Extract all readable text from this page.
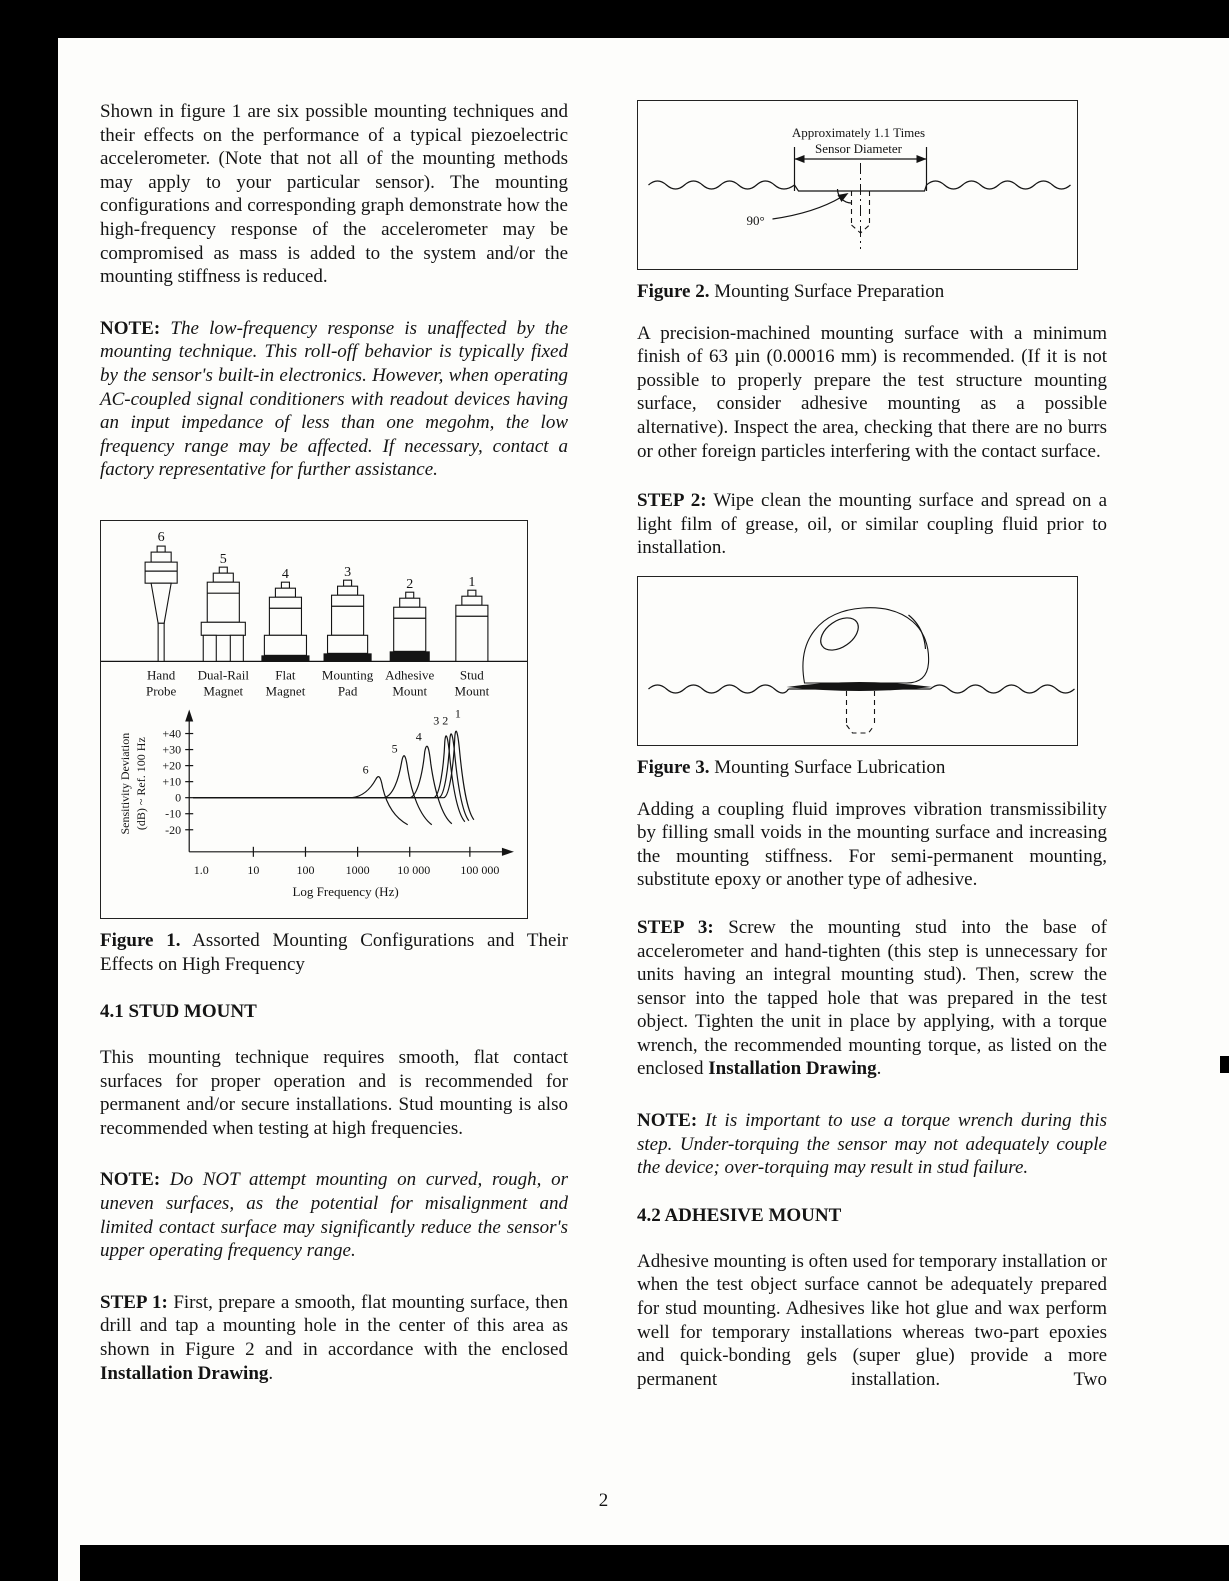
Shown in figure 1 are six possible mounting techniques and their effects on the performance of a typical piezoelectric accelerometer. (Note that not all of the mounting methods may apply to your particular sensor). The mounting configurations and corresponding graph demonstrate how the high-frequency response of the accelerometer may be compromised as mass is added to the system and/or the mounting stiffness is reduced.

NOTE: The low-frequency response is unaffected by the mounting technique. This roll-off behavior is typically fixed by the sensor's built-in electronics. However, when operating AC-coupled signal conditioners with readout devices having an input impedance of less than one megohm, the low frequency range may be affected. If necessary, contact a factory representative for further assistance.

6
5
4	3
2	1
Hand
Probe
Dual-Rail
Magnet
Flat
Magnet
Mounting
Pad
Adhesive
Mount
Stud
Mount
+40
+30
+20
+10
0
-10
-20
Sensitivity Deviation (dB) ~ Ref. 100 Hz
1.0	10	100	1000 10 000	100 000
Log Frequency (Hz)
6
5
4
3 2
1

Figure 1. Assorted Mounting Configurations and Their Effects on High Frequency

4.1 STUD MOUNT

This mounting technique requires smooth, flat contact surfaces for proper operation and is recommended for permanent and/or secure installations. Stud mounting is also recommended when testing at high frequencies.

NOTE: Do NOT attempt mounting on curved, rough, or uneven surfaces, as the potential for misalignment and limited contact surface may significantly reduce the sensor's upper operating frequency range.

STEP 1: First, prepare a smooth, flat mounting surface, then drill and tap a mounting hole in the center of this area as shown in Figure 2 and in accordance with the enclosed Installation Drawing.

Approximately 1.1 Times
Sensor Diameter
90°

Figure 2. Mounting Surface Preparation

A precision-machined mounting surface with a minimum finish of 63 µin (0.00016 mm) is recommended. (If it is not possible to properly prepare the test structure mounting surface, consider adhesive mounting as a possible alternative). Inspect the area, checking that there are no burrs or other foreign particles interfering with the contact surface.

STEP 2: Wipe clean the mounting surface and spread on a light film of grease, oil, or similar coupling fluid prior to installation.

Figure 3. Mounting Surface Lubrication

Adding a coupling fluid improves vibration transmissibility by filling small voids in the mounting surface and increasing the mounting stiffness. For semi-permanent mounting, substitute epoxy or another type of adhesive.

STEP 3: Screw the mounting stud into the base of accelerometer and hand-tighten (this step is unnecessary for units having an integral mounting stud). Then, screw the sensor into the tapped hole that was prepared in the test object. Tighten the unit in place by applying, with a torque wrench, the recommended mounting torque, as listed on the enclosed Installation Drawing.

NOTE: It is important to use a torque wrench during this step. Under-torquing the sensor may not adequately couple the device; over-torquing may result in stud failure.

4.2 ADHESIVE MOUNT

Adhesive mounting is often used for temporary installation or when the test object surface cannot be adequately prepared for stud mounting. Adhesives like hot glue and wax perform well for temporary installations whereas two-part epoxies and quick-bonding gels (super glue) provide a more permanent installation. Two

2
